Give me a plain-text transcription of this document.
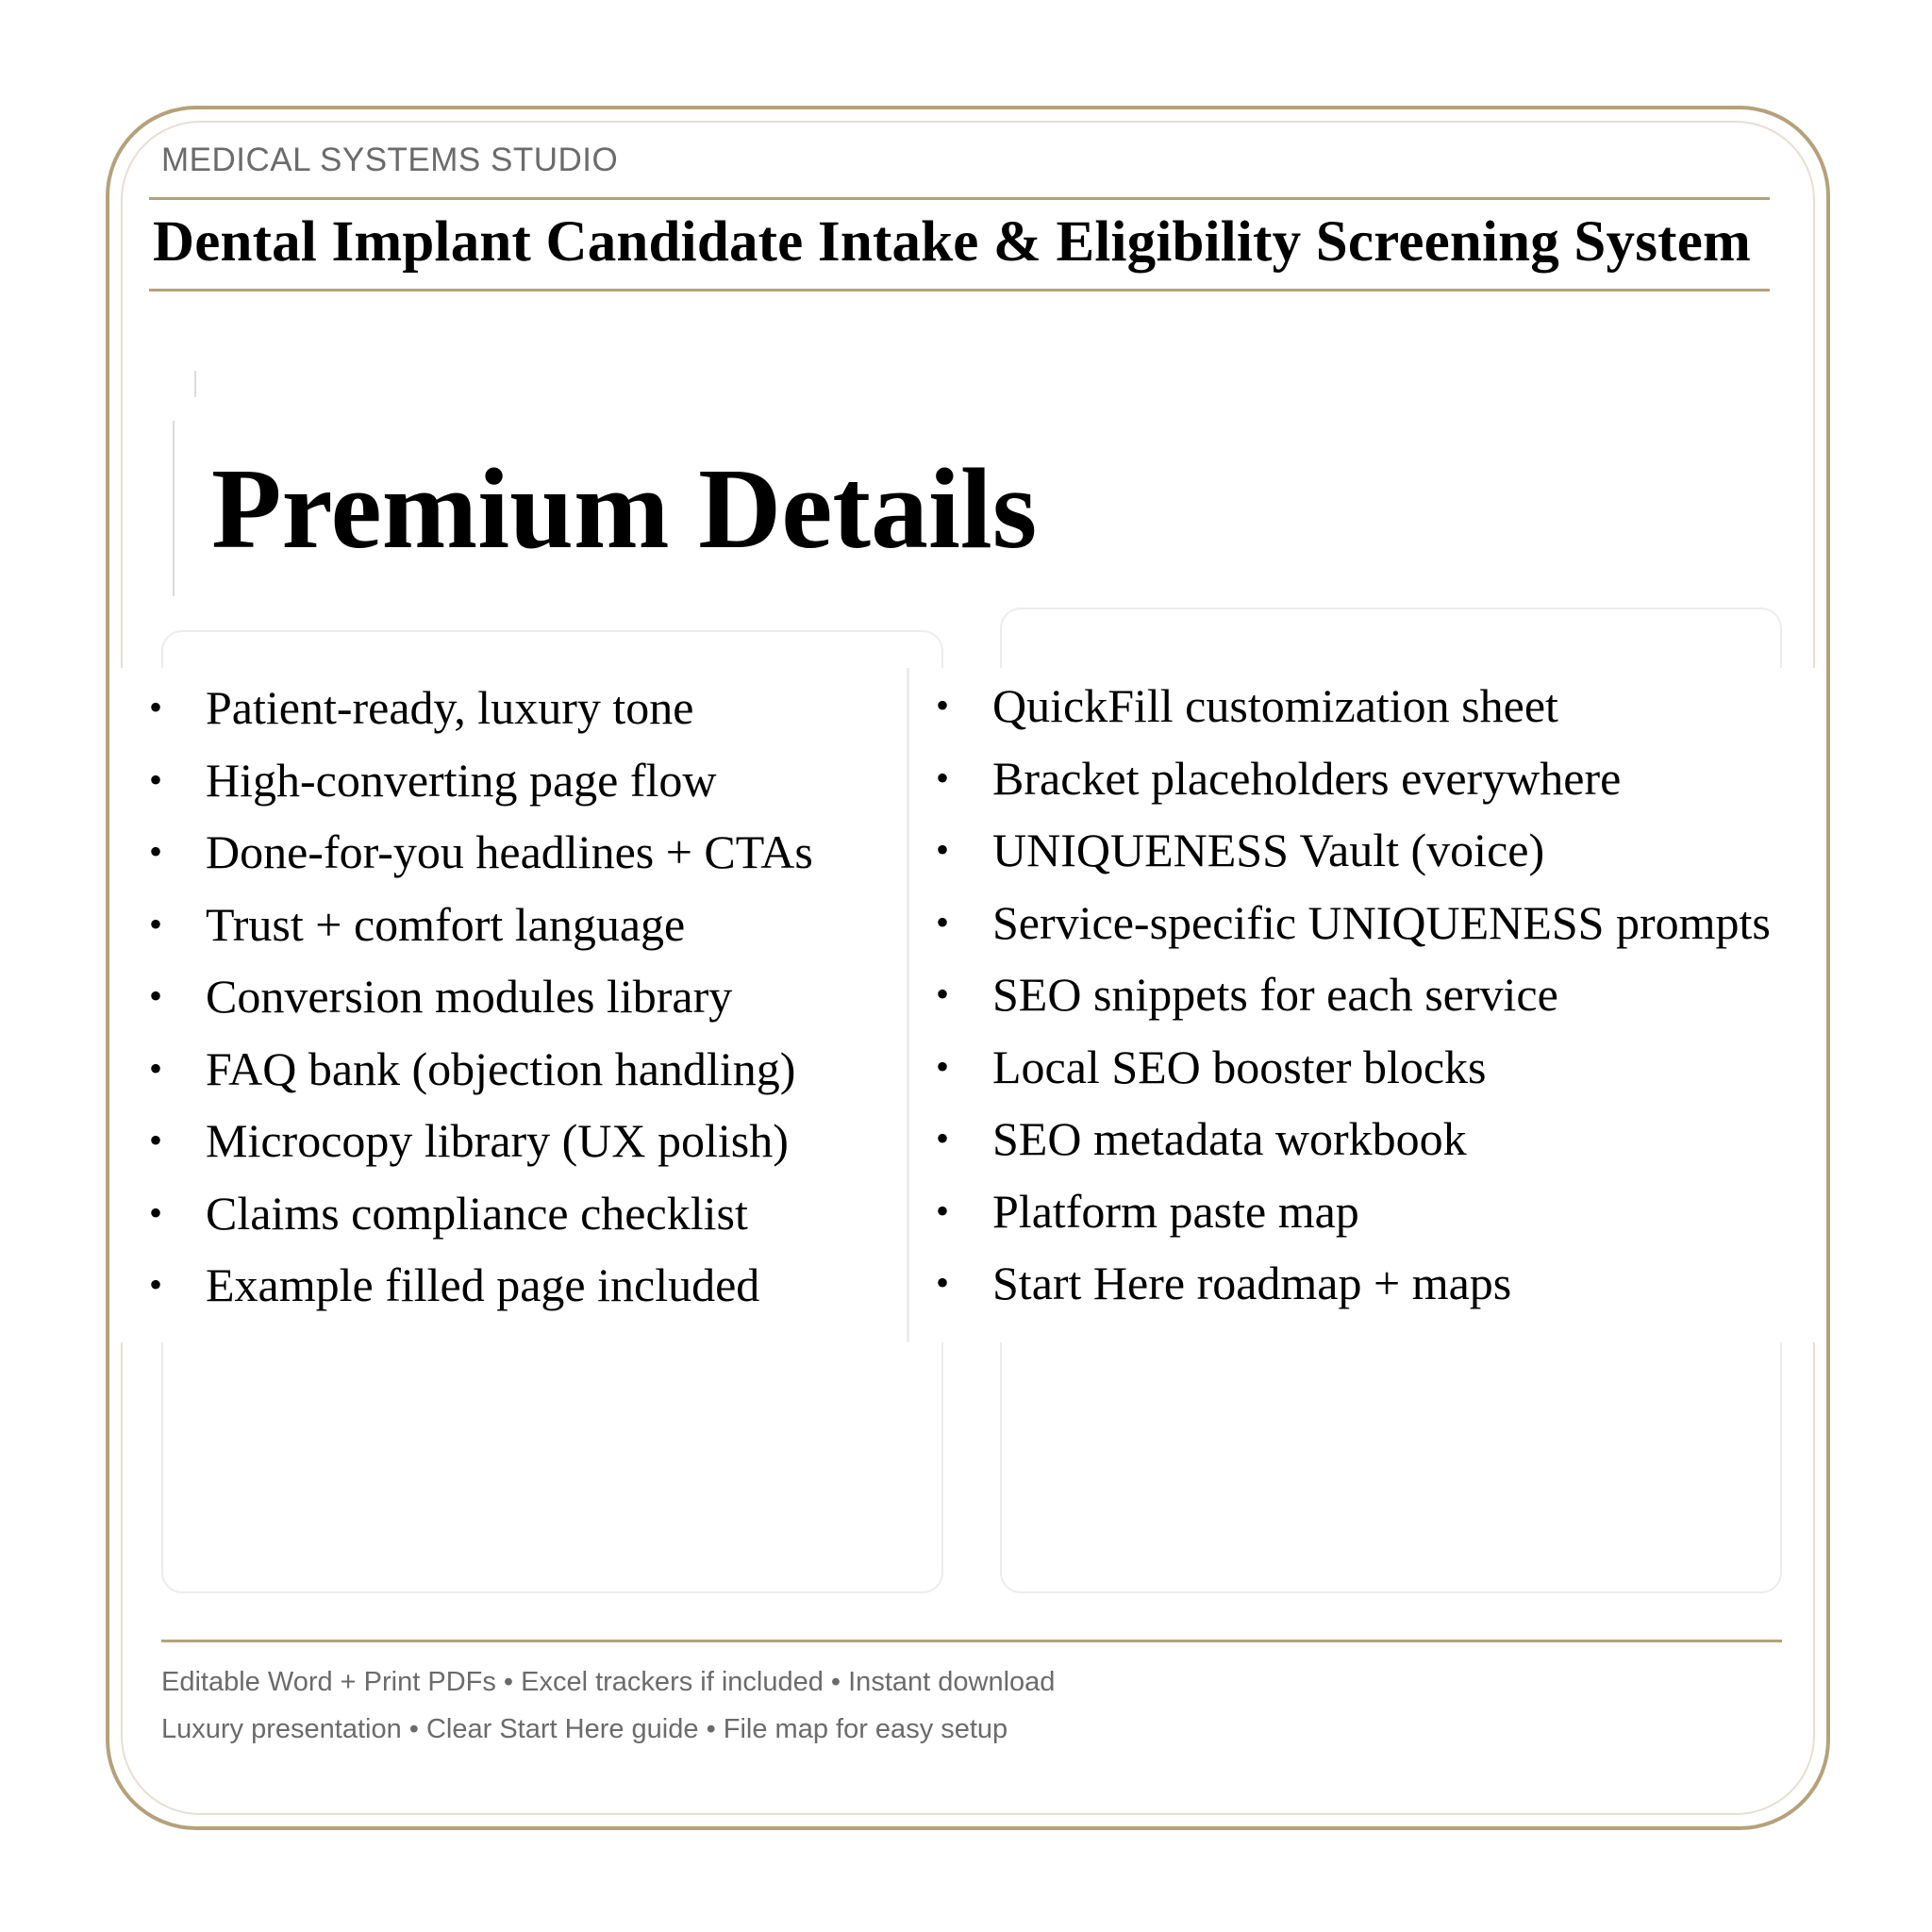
MEDICAL SYSTEMS STUDIO
Dental Implant Candidate Intake & Eligibility Screening System
Premium Details
• Patient-ready, luxury tone
• High-converting page flow
• Done-for-you headlines + CTAs
• Trust + comfort language
• Conversion modules library
• FAQ bank (objection handling)
• Microcopy library (UX polish)
• Claims compliance checklist
• Example filled page included
• QuickFill customization sheet
• Bracket placeholders everywhere
• UNIQUENESS Vault (voice)
• Service-specific UNIQUENESS prompts
• SEO snippets for each service
• Local SEO booster blocks
• SEO metadata workbook
• Platform paste map
• Start Here roadmap + maps
Editable Word + Print PDFs • Excel trackers if included • Instant download
Luxury presentation • Clear Start Here guide • File map for easy setup
